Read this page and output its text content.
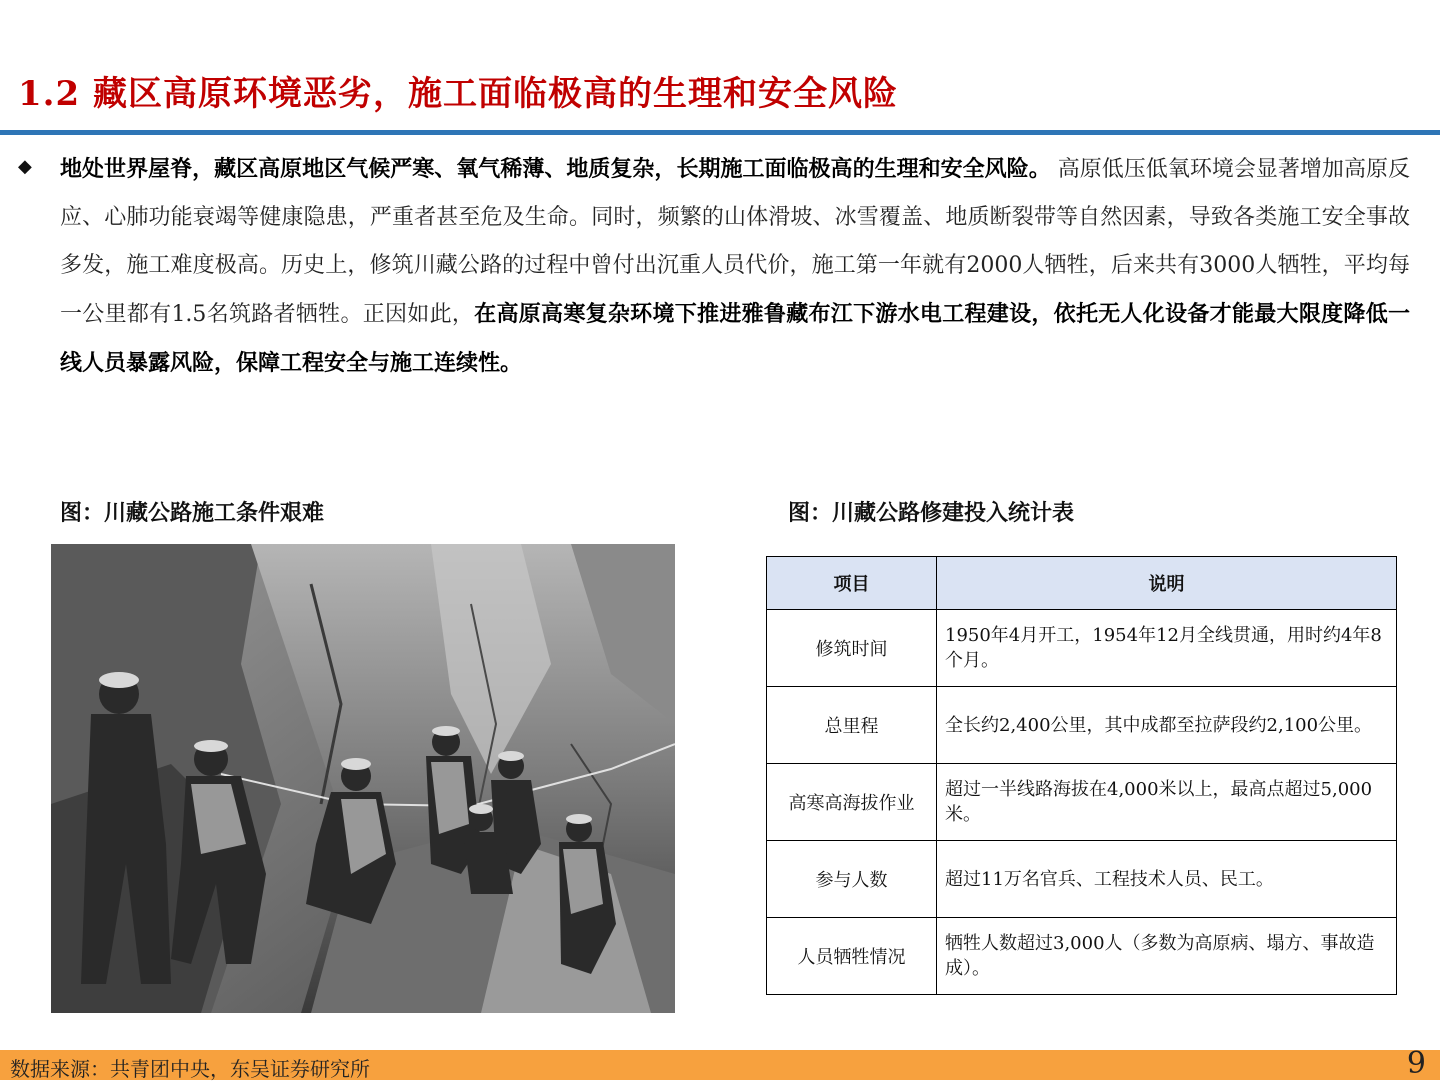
1.2 藏区高原环境恶劣，施工面临极高的生理和安全风险
◆ 地处世界屋脊，藏区高原地区气候严寒、氧气稀薄、地质复杂，长期施工面临极高的生理和安全风险。 高原低压低氧环境会显著增加高原反应、心肺功能衰竭等健康隐患，严重者甚至危及生命。同时，频繁的山体滑坡、冰雪覆盖、地质断裂带等自然因素，导致各类施工安全事故多发，施工难度极高。历史上，修筑川藏公路的过程中曾付出沉重人员代价，施工第一年就有2000人牺牲，后来共有3000人牺牲，平均每一公里都有1.5名筑路者牺牲。正因如此，在高原高寒复杂环境下推进雅鲁藏布江下游水电工程建设，依托无人化设备才能最大限度降低一线人员暴露风险，保障工程安全与施工连续性。
图：川藏公路施工条件艰难	图：川藏公路修建投入统计表
项目	说明
修筑时间	1950年4月开工，1954年12月全线贯通，用时约4年8个月。
总里程	全长约2,400公里，其中成都至拉萨段约2,100公里。
高寒高海拔作业	超过一半线路海拔在4,000米以上，最高点超过5,000米。
参与人数	超过11万名官兵、工程技术人员、民工。
人员牺牲情况	牺牲人数超过3,000人（多数为高原病、塌方、事故造成）。
数据来源：共青团中央，东吴证券研究所	9
